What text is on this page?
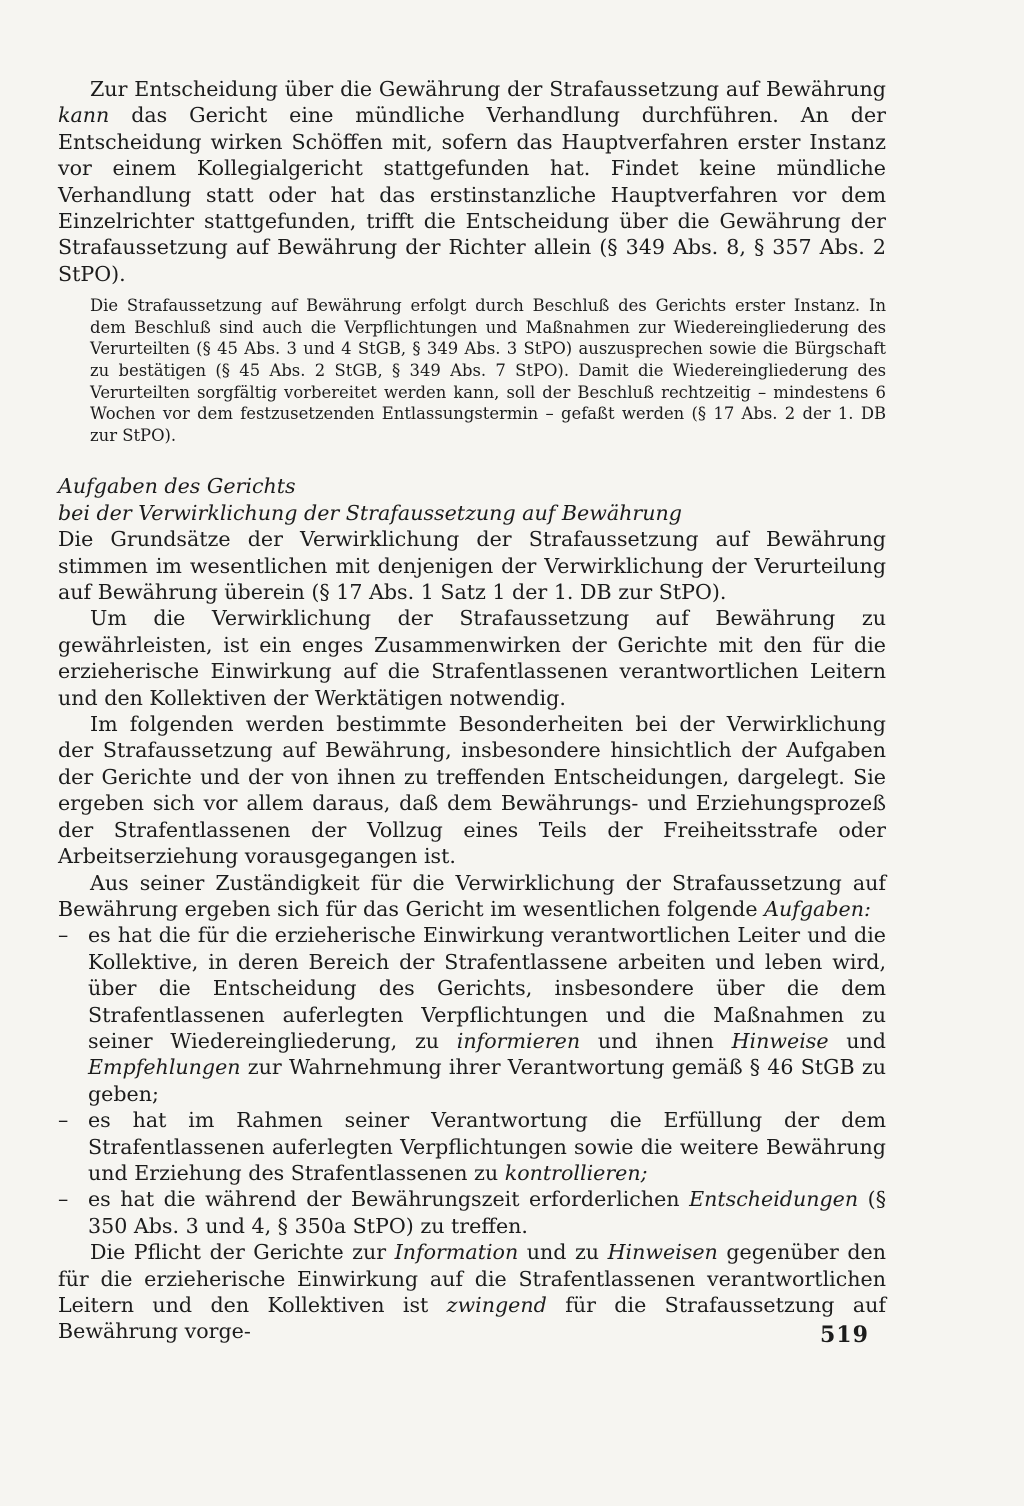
Zur Entscheidung über die Gewährung der Strafaussetzung auf Bewährung kann das Gericht eine mündliche Verhandlung durchführen. An der Entscheidung wirken Schöffen mit, sofern das Hauptverfahren erster Instanz vor einem Kollegialgericht stattgefunden hat. Findet keine mündliche Verhandlung statt oder hat das erstinstanzliche Hauptverfahren vor dem Einzelrichter stattgefunden, trifft die Entscheidung über die Gewährung der Strafaussetzung auf Bewährung der Richter allein (§ 349 Abs. 8, § 357 Abs. 2 StPO).

Die Strafaussetzung auf Bewährung erfolgt durch Beschluß des Gerichts erster Instanz. In dem Beschluß sind auch die Verpflichtungen und Maßnahmen zur Wiedereingliederung des Verurteilten (§ 45 Abs. 3 und 4 StGB, § 349 Abs. 3 StPO) auszusprechen sowie die Bürgschaft zu bestätigen (§ 45 Abs. 2 StGB, § 349 Abs. 7 StPO). Damit die Wiedereingliederung des Verurteilten sorgfältig vorbereitet werden kann, soll der Beschluß rechtzeitig – mindestens 6 Wochen vor dem festzusetzenden Entlassungstermin – gefaßt werden (§ 17 Abs. 2 der 1. DB zur StPO).

Aufgaben des Gerichts
bei der Verwirklichung der Strafaussetzung auf Bewährung

Die Grundsätze der Verwirklichung der Strafaussetzung auf Bewährung stimmen im wesentlichen mit denjenigen der Verwirklichung der Verurteilung auf Bewährung überein (§ 17 Abs. 1 Satz 1 der 1. DB zur StPO).

Um die Verwirklichung der Strafaussetzung auf Bewährung zu gewährleisten, ist ein enges Zusammenwirken der Gerichte mit den für die erzieherische Einwirkung auf die Strafentlassenen verantwortlichen Leitern und den Kollektiven der Werktätigen notwendig.

Im folgenden werden bestimmte Besonderheiten bei der Verwirklichung der Strafaussetzung auf Bewährung, insbesondere hinsichtlich der Aufgaben der Gerichte und der von ihnen zu treffenden Entscheidungen, dargelegt. Sie ergeben sich vor allem daraus, daß dem Bewährungs- und Erziehungsprozeß der Strafentlassenen der Vollzug eines Teils der Freiheitsstrafe oder Arbeitserziehung vorausgegangen ist.

Aus seiner Zuständigkeit für die Verwirklichung der Strafaussetzung auf Bewährung ergeben sich für das Gericht im wesentlichen folgende Aufgaben:

– es hat die für die erzieherische Einwirkung verantwortlichen Leiter und die Kollektive, in deren Bereich der Strafentlassene arbeiten und leben wird, über die Entscheidung des Gerichts, insbesondere über die dem Strafentlassenen auferlegten Verpflichtungen und die Maßnahmen zu seiner Wiedereingliederung, zu informieren und ihnen Hinweise und Empfehlungen zur Wahrnehmung ihrer Verantwortung gemäß § 46 StGB zu geben;
– es hat im Rahmen seiner Verantwortung die Erfüllung der dem Strafentlassenen auferlegten Verpflichtungen sowie die weitere Bewährung und Erziehung des Strafentlassenen zu kontrollieren;
– es hat die während der Bewährungszeit erforderlichen Entscheidungen (§ 350 Abs. 3 und 4, § 350a StPO) zu treffen.

Die Pflicht der Gerichte zur Information und zu Hinweisen gegenüber den für die erzieherische Einwirkung auf die Strafentlassenen verantwortlichen Leitern und den Kollektiven ist zwingend für die Strafaussetzung auf Bewährung vorge-	519
